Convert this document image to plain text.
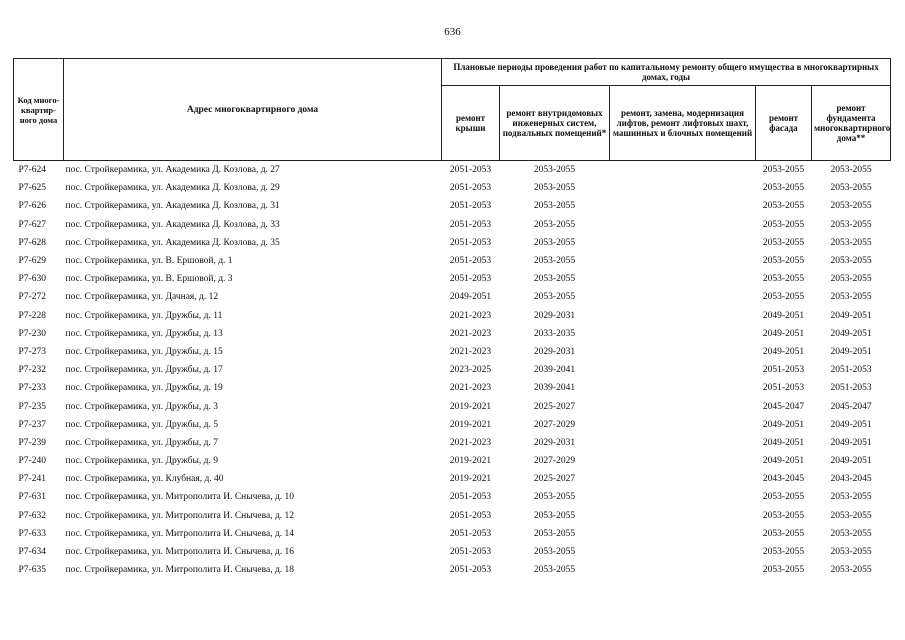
636
Код много-квартир-ного дома	Адрес многоквартирного дома	Плановые периоды проведения работ по капитальному ремонту общего имущества в многоквартирных домах, годы				
		ремонт крыши	ремонт внутридомовых инженерных систем, подвальных помещений*	ремонт, замена, модернизация лифтов, ремонт лифтовых шахт, машинных и блочных помещений	ремонт фасада	ремонт фундамента многоквартирного дома**
P7-624	пос. Стройкерамика, ул. Академика Д. Козлова, д. 27	2051-2053	2053-2055		2053-2055	2053-2055
P7-625	пос. Стройкерамика, ул. Академика Д. Козлова, д. 29	2051-2053	2053-2055		2053-2055	2053-2055
P7-626	пос. Стройкерамика, ул. Академика Д. Козлова, д. 31	2051-2053	2053-2055		2053-2055	2053-2055
P7-627	пос. Стройкерамика, ул. Академика Д. Козлова, д. 33	2051-2053	2053-2055		2053-2055	2053-2055
P7-628	пос. Стройкерамика, ул. Академика Д. Козлова, д. 35	2051-2053	2053-2055		2053-2055	2053-2055
P7-629	пос. Стройкерамика, ул. В. Ершовой, д. 1	2051-2053	2053-2055		2053-2055	2053-2055
P7-630	пос. Стройкерамика, ул. В. Ершовой, д. 3	2051-2053	2053-2055		2053-2055	2053-2055
P7-272	пос. Стройкерамика, ул. Дачная, д. 12	2049-2051	2053-2055		2053-2055	2053-2055
P7-228	пос. Стройкерамика, ул. Дружбы, д. 11	2021-2023	2029-2031		2049-2051	2049-2051
P7-230	пос. Стройкерамика, ул. Дружбы, д. 13	2021-2023	2033-2035		2049-2051	2049-2051
P7-273	пос. Стройкерамика, ул. Дружбы, д. 15	2021-2023	2029-2031		2049-2051	2049-2051
P7-232	пос. Стройкерамика, ул. Дружбы, д. 17	2023-2025	2039-2041		2051-2053	2051-2053
P7-233	пос. Стройкерамика, ул. Дружбы, д. 19	2021-2023	2039-2041		2051-2053	2051-2053
P7-235	пос. Стройкерамика, ул. Дружбы, д. 3	2019-2021	2025-2027		2045-2047	2045-2047
P7-237	пос. Стройкерамика, ул. Дружбы, д. 5	2019-2021	2027-2029		2049-2051	2049-2051
P7-239	пос. Стройкерамика, ул. Дружбы, д. 7	2021-2023	2029-2031		2049-2051	2049-2051
P7-240	пос. Стройкерамика, ул. Дружбы, д. 9	2019-2021	2027-2029		2049-2051	2049-2051
P7-241	пос. Стройкерамика, ул. Клубная, д. 40	2019-2021	2025-2027		2043-2045	2043-2045
P7-631	пос. Стройкерамика, ул. Митрополита И. Снычева, д. 10	2051-2053	2053-2055		2053-2055	2053-2055
P7-632	пос. Стройкерамика, ул. Митрополита И. Снычева, д. 12	2051-2053	2053-2055		2053-2055	2053-2055
P7-633	пос. Стройкерамика, ул. Митрополита И. Снычева, д. 14	2051-2053	2053-2055		2053-2055	2053-2055
P7-634	пос. Стройкерамика, ул. Митрополита И. Снычева, д. 16	2051-2053	2053-2055		2053-2055	2053-2055
P7-635	пос. Стройкерамика, ул. Митрополита И. Снычева, д. 18	2051-2053	2053-2055		2053-2055	2053-2055
